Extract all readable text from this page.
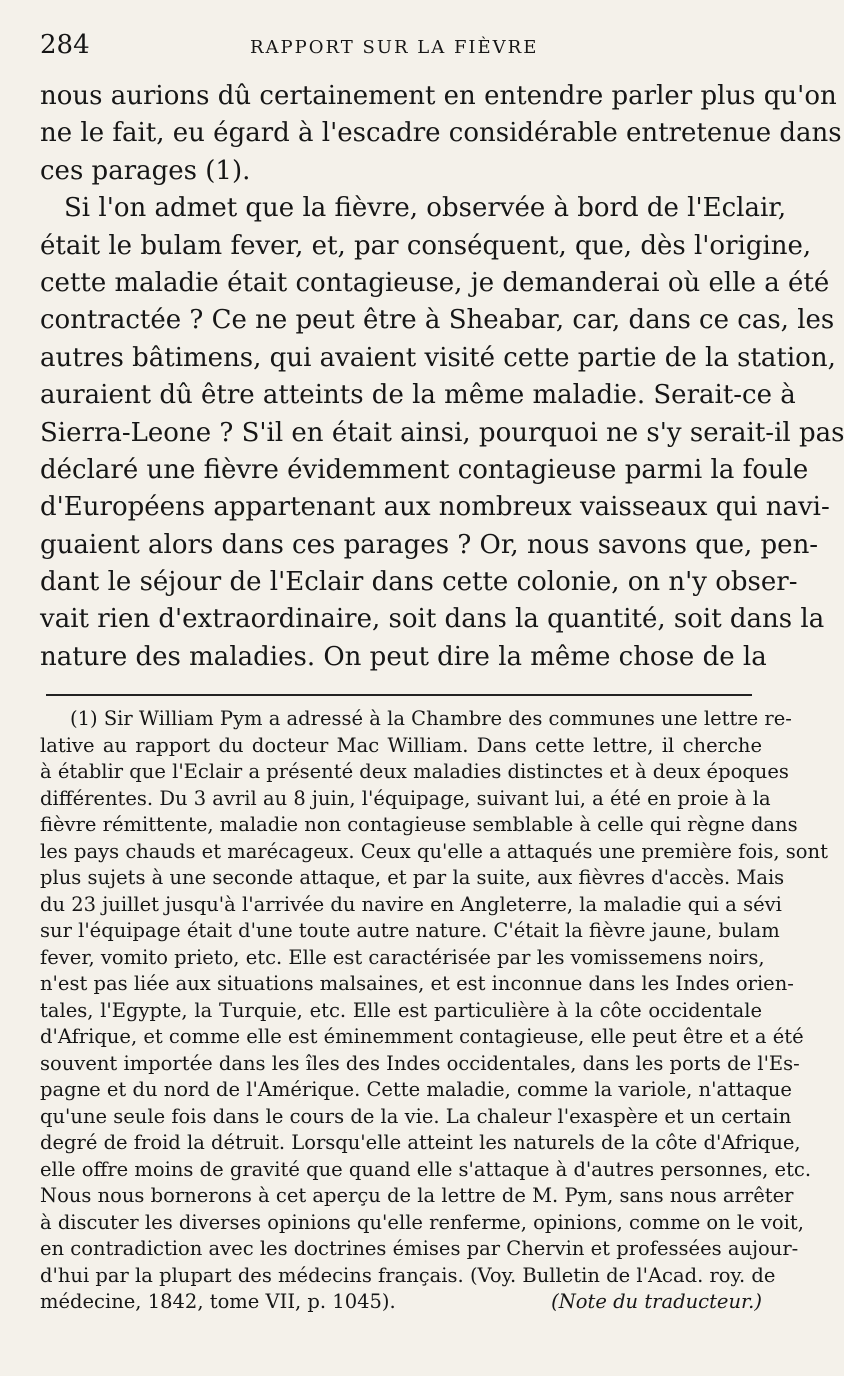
284	RAPPORT SUR LA FIÈVRE
nous aurions dû certainement en entendre parler plus qu'on
ne le fait, eu égard à l'escadre considérable entretenue dans
ces parages (1).
Si l'on admet que la fièvre, observée à bord de l'Eclair,
était le bulam fever, et, par conséquent, que, dès l'origine,
cette maladie était contagieuse, je demanderai où elle a été
contractée ? Ce ne peut être à Sheabar, car, dans ce cas, les
autres bâtimens, qui avaient visité cette partie de la station,
auraient dû être atteints de la même maladie. Serait-ce à
Sierra-Leone ? S'il en était ainsi, pourquoi ne s'y serait-il pas
déclaré une fièvre évidemment contagieuse parmi la foule
d'Européens appartenant aux nombreux vaisseaux qui navi-
guaient alors dans ces parages ? Or, nous savons que, pen-
dant le séjour de l'Eclair dans cette colonie, on n'y obser-
vait rien d'extraordinaire, soit dans la quantité, soit dans la
nature des maladies. On peut dire la même chose de la
(1) Sir William Pym a adressé à la Chambre des communes une lettre re-
lative au rapport du docteur Mac William. Dans cette lettre, il cherche
à établir que l'Eclair a présenté deux maladies distinctes et à deux époques
différentes. Du 3 avril au 8 juin, l'équipage, suivant lui, a été en proie à la
fièvre rémittente, maladie non contagieuse semblable à celle qui règne dans
les pays chauds et marécageux. Ceux qu'elle a attaqués une première fois, sont
plus sujets à une seconde attaque, et par la suite, aux fièvres d'accès. Mais
du 23 juillet jusqu'à l'arrivée du navire en Angleterre, la maladie qui a sévi
sur l'équipage était d'une toute autre nature. C'était la fièvre jaune, bulam
fever, vomito prieto, etc. Elle est caractérisée par les vomissemens noirs,
n'est pas liée aux situations malsaines, et est inconnue dans les Indes orien-
tales, l'Egypte, la Turquie, etc. Elle est particulière à la côte occidentale
d'Afrique, et comme elle est éminemment contagieuse, elle peut être et a été
souvent importée dans les îles des Indes occidentales, dans les ports de l'Es-
pagne et du nord de l'Amérique. Cette maladie, comme la variole, n'attaque
qu'une seule fois dans le cours de la vie. La chaleur l'exaspère et un certain
degré de froid la détruit. Lorsqu'elle atteint les naturels de la côte d'Afrique,
elle offre moins de gravité que quand elle s'attaque à d'autres personnes, etc.
Nous nous bornerons à cet aperçu de la lettre de M. Pym, sans nous arrêter
à discuter les diverses opinions qu'elle renferme, opinions, comme on le voit,
en contradiction avec les doctrines émises par Chervin et professées aujour-
d'hui par la plupart des médecins français. (Voy. Bulletin de l'Acad. roy. de
médecine, 1842, tome VII, p. 1045).	(Note du traducteur.)
